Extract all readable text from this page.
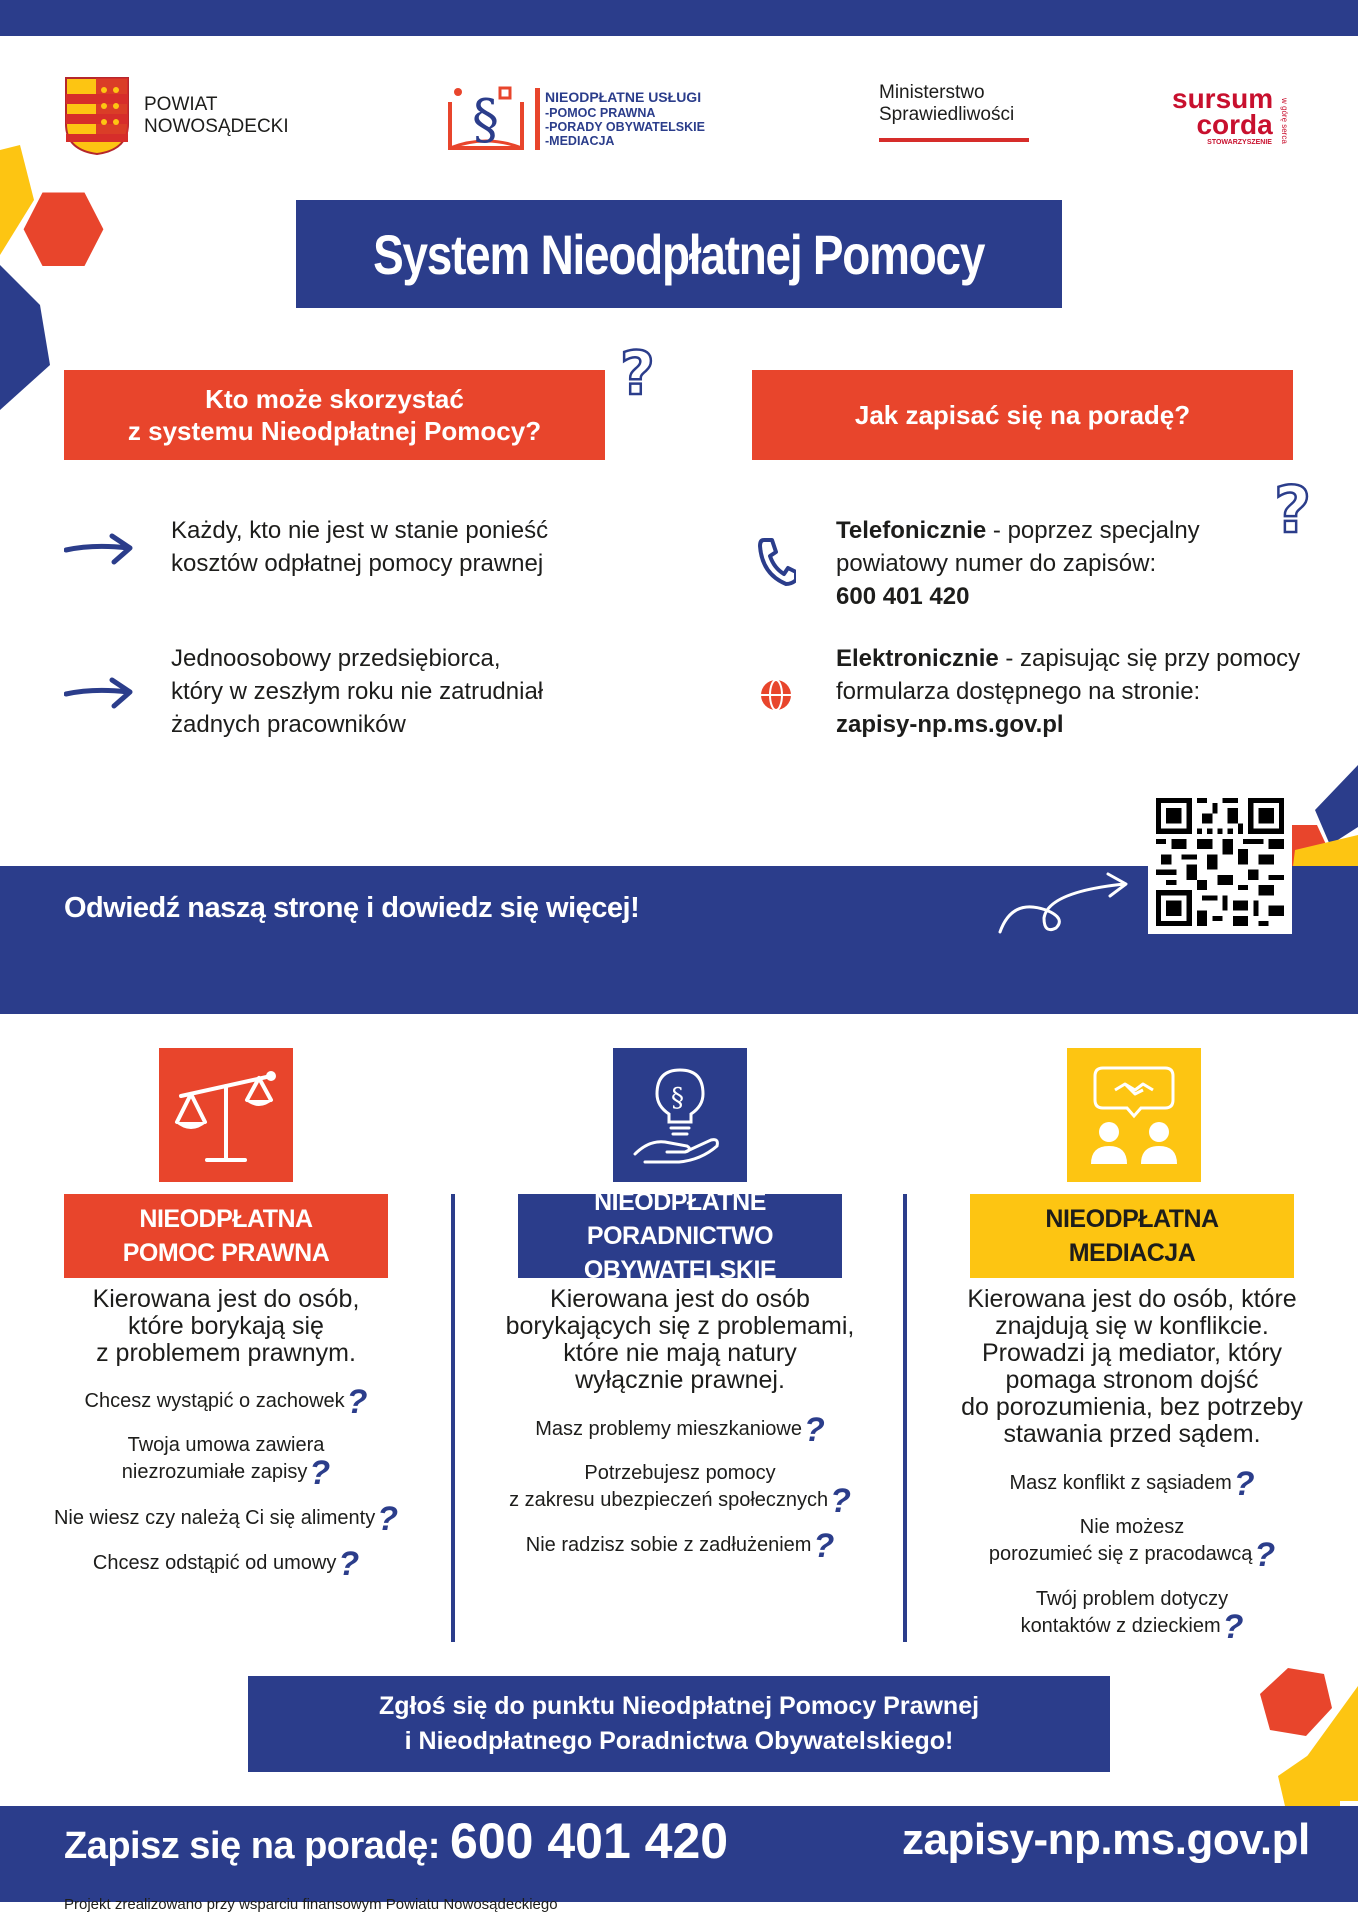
POWIAT
NOWOSĄDECKI	§	NIEODPŁATNE USŁUGI
-POMOC PRAWNA
-PORADY OBYWATELSKIE
-MEDIACJA
Ministerstwo
Sprawiedliwości
sursum
corda
STOWARZYSZENIE w górę serca
System Nieodpłatnej Pomocy
Kto może skorzystać
z systemu Nieodpłatnej Pomocy?
?
Jak zapisać się na poradę?
?
Każdy, kto nie jest w stanie ponieść
kosztów odpłatnej pomocy prawnej
Jednoosobowy przedsiębiorca,
który w zeszłym roku nie zatrudniał
żadnych pracowników
Telefonicznie - poprzez specjalny
powiatowy numer do zapisów:
600 401 420
Elektronicznie - zapisując się przy pomocy
formularza dostępnego na stronie:
zapisy-np.ms.gov.pl
Odwiedź naszą stronę i dowiedz się więcej!
§
NIEODPŁATNA
POMOC PRAWNA
NIEODPŁATNE
PORADNICTWO OBYWATELSKIE
NIEODPŁATNA
MEDIACJA
Kierowana jest do osób,
które borykają się
z problemem prawnym.
Chcesz wystąpić o zachowek?
Twoja umowa zawiera
niezrozumiałe zapisy?
Nie wiesz czy należą Ci się alimenty?
Chcesz odstąpić od umowy?
Kierowana jest do osób
borykających się z problemami,
które nie mają natury
wyłącznie prawnej.
Masz problemy mieszkaniowe?
Potrzebujesz pomocy
z zakresu ubezpieczeń społecznych?
Nie radzisz sobie z zadłużeniem?
Kierowana jest do osób, które
znajdują się w konflikcie.
Prowadzi ją mediator, który
pomaga stronom dojść
do porozumienia, bez potrzeby
stawania przed sądem.
Masz konflikt z sąsiadem?
Nie możesz
porozumieć się z pracodawcą?
Twój problem dotyczy
kontaktów z dzieckiem?
Zgłoś się do punktu Nieodpłatnej Pomocy Prawnej
i Nieodpłatnego Poradnictwa Obywatelskiego!
Zapisz się na poradę: 600 401 420	zapisy-np.ms.gov.pl
Projekt zrealizowano przy wsparciu finansowym Powiatu Nowosądeckiego
